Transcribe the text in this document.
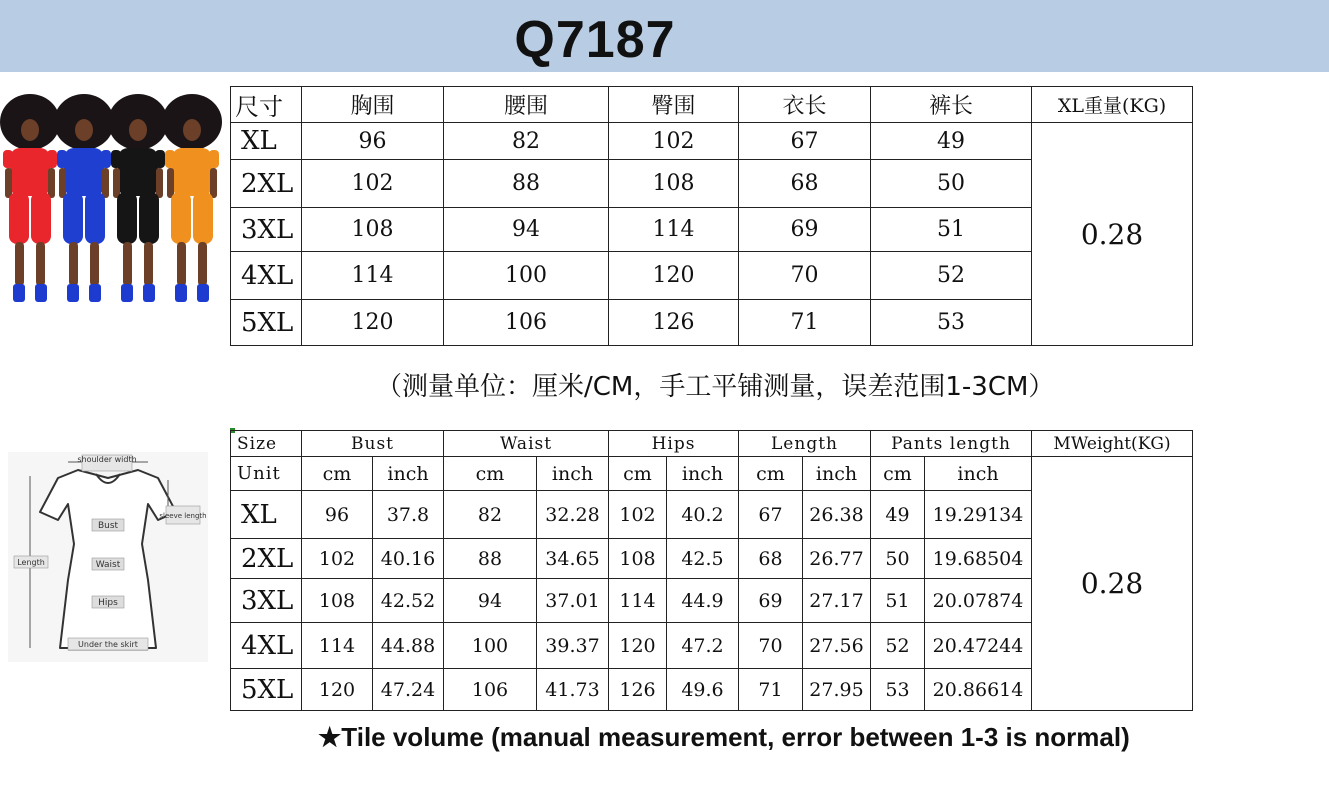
Q7187
尺寸	胸围	腰围	臀围	衣长	裤长	XL重量(KG)
XL	96	82	102	67	49	0.28
2XL	102	88	108	68	50	
3XL	108	94	114	69	51	
4XL	114	100	120	70	52	
5XL	120	106	126	71	53	
（测量单位：厘米/CM，手工平铺测量，误差范围1-3CM）
shoulder width
sleeve length
Bust
Waist
Hips
Length
Under the skirt
Size	Bust		Waist		Hips		Length		Pants length		MWeight(KG)
Unit	cm	inch	cm	inch	cm	inch	cm	inch	cm	inch	0.28
XL	96	37.8	82	32.28	102	40.2	67	26.38	49	19.29134	
2XL	102	40.16	88	34.65	108	42.5	68	26.77	50	19.68504	
3XL	108	42.52	94	37.01	114	44.9	69	27.17	51	20.07874	
4XL	114	44.88	100	39.37	120	47.2	70	27.56	52	20.47244	
5XL	120	47.24	106	41.73	126	49.6	71	27.95	53	20.86614	
★Tile volume (manual measurement, error between 1-3 is normal)
